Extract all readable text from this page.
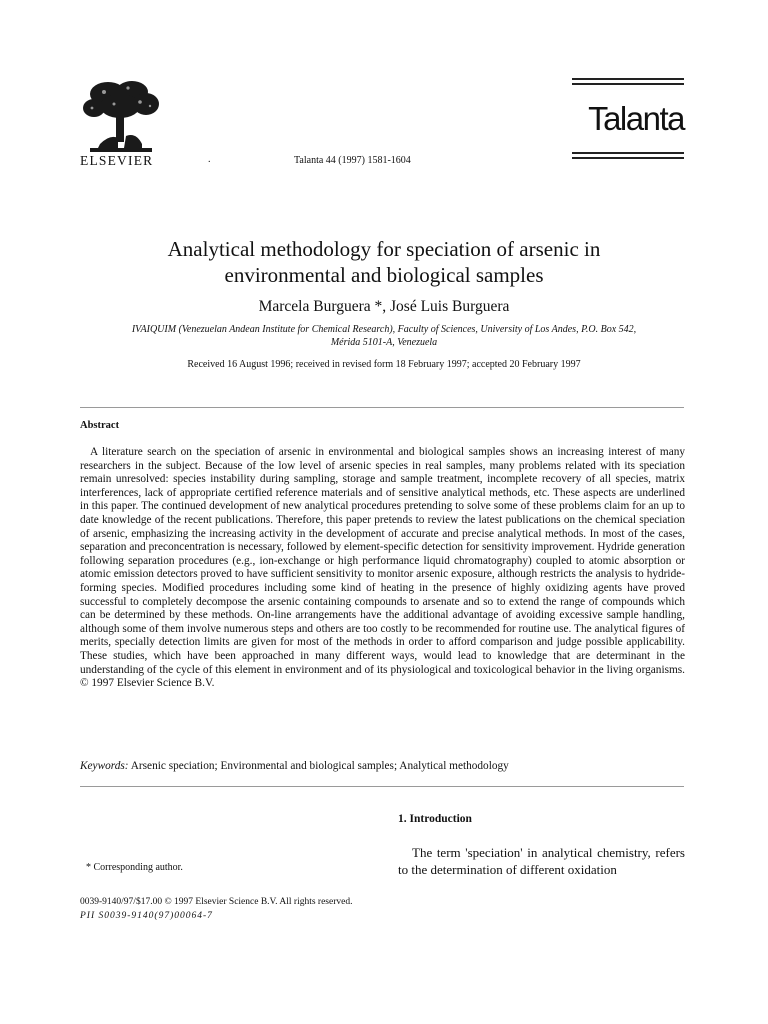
ELSEVIER	.	Talanta 44 (1997) 1581-1604
Talanta
Analytical methodology for speciation of arsenic in
environmental and biological samples
Marcela Burguera *, José Luis Burguera
IVAIQUIM (Venezuelan Andean Institute for Chemical Research), Faculty of Sciences, University of Los Andes, P.O. Box 542,
Mérida 5101-A, Venezuela
Received 16 August 1996; received in revised form 18 February 1997; accepted 20 February 1997
Abstract
A literature search on the speciation of arsenic in environmental and biological samples shows an increasing interest of many researchers in the subject. Because of the low level of arsenic species in real samples, many problems related with its speciation remain unresolved: species instability during sampling, storage and sample treatment, incomplete recovery of all species, matrix interferences, lack of appropriate certified reference materials and of sensitive analytical methods, etc. These aspects are underlined in this paper. The continued development of new analytical procedures pretending to solve some of these problems claim for an up to date knowledge of the recent publications. Therefore, this paper pretends to review the latest publications on the chemical speciation of arsenic, emphasizing the increasing activity in the development of accurate and precise analytical methods. In most of the cases, separation and preconcentration is necessary, followed by element-specific detection for sensitivity improvement. Hydride generation following separation procedures (e.g., ion-exchange or high performance liquid chromatography) coupled to atomic absorption or atomic emission detectors proved to have sufficient sensitivity to monitor arsenic exposure, although restricts the analysis to hydride-forming species. Modified procedures including some kind of heating in the presence of highly oxidizing agents have proved successful to completely decompose the arsenic containing compounds to arsenate and so to extend the range of compounds which can be determined by these methods. On-line arrangements have the additional advantage of avoiding excessive sample handling, although some of them involve numerous steps and others are too costly to be recommended for routine use. The analytical figures of merits, specially detection limits are given for most of the methods in order to afford comparison and judge possible applicability. These studies, which have been approached in many different ways, would lead to knowledge that are determinant in the understanding of the cycle of this element in environment and of its physiological and toxicological behavior in the living organisms. © 1997 Elsevier Science B.V.
Keywords: Arsenic speciation; Environmental and biological samples; Analytical methodology
1. Introduction
The term 'speciation' in analytical chemistry, refers to the determination of different oxidation
* Corresponding author.
0039-9140/97/$17.00 © 1997 Elsevier Science B.V. All rights reserved.
PII S0039-9140(97)00064-7
